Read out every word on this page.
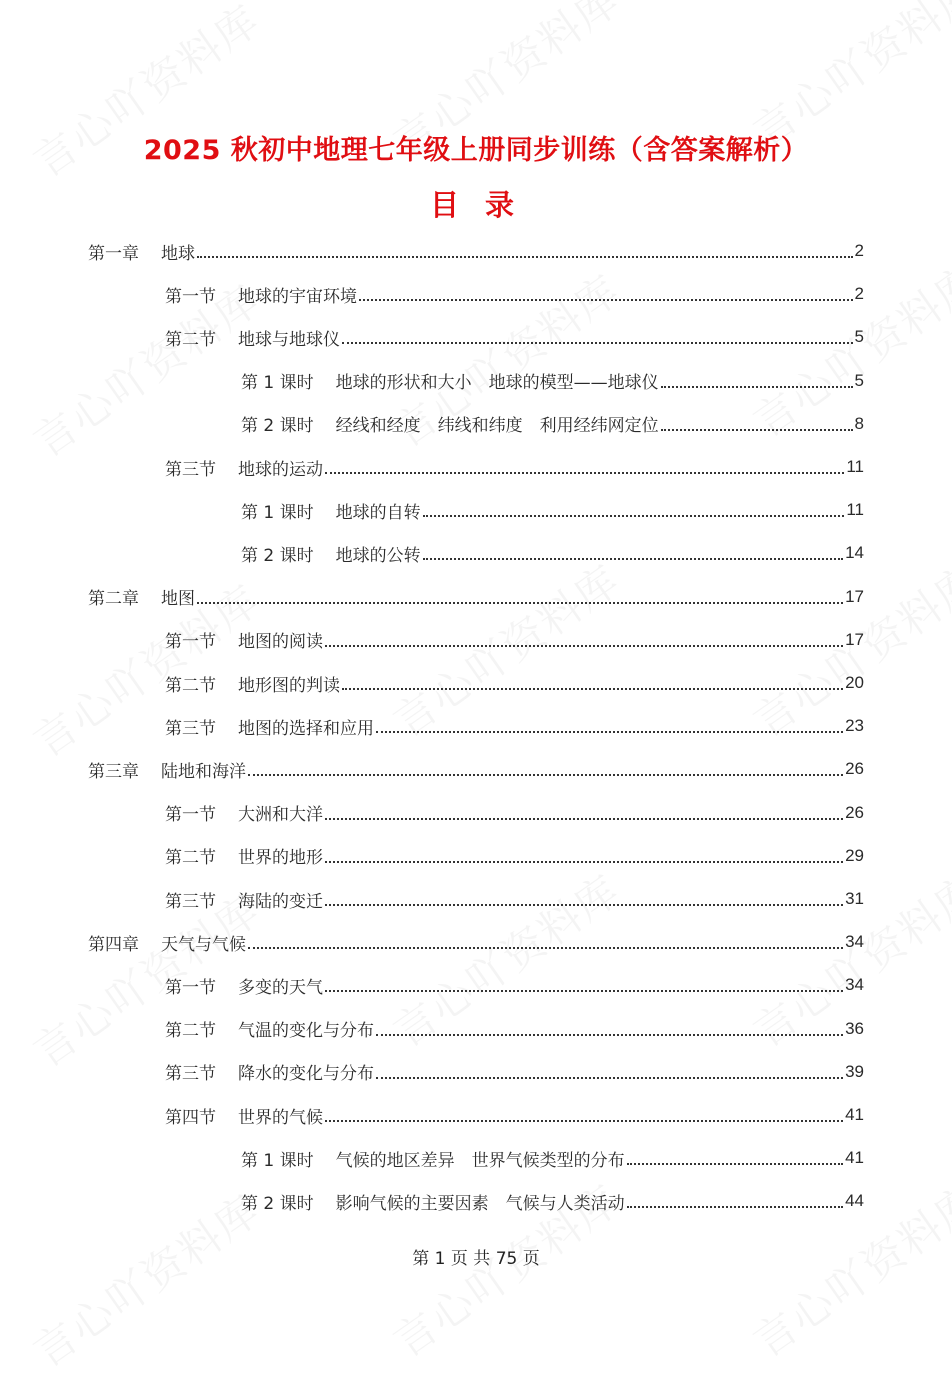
2025 秋初中地理七年级上册同步训练（含答案解析）
目 录
第一章 地球	2
第一节 地球的宇宙环境	2
第二节 地球与地球仪	5
第 1 课时 地球的形状和大小　地球的模型——地球仪	5
第 2 课时 经线和经度　纬线和纬度　利用经纬网定位	8
第三节 地球的运动	11
第 1 课时 地球的自转	11
第 2 课时 地球的公转	14
第二章 地图	17
第一节 地图的阅读	17
第二节 地形图的判读	20
第三节 地图的选择和应用	23
第三章 陆地和海洋	26
第一节 大洲和大洋	26
第二节 世界的地形	29
第三节 海陆的变迁	31
第四章 天气与气候	34
第一节 多变的天气	34
第二节 气温的变化与分布	36
第三节 降水的变化与分布	39
第四节 世界的气候	41
第 1 课时 气候的地区差异　世界气候类型的分布	41
第 2 课时 影响气候的主要因素　气候与人类活动	44
第 1 页 共 75 页
